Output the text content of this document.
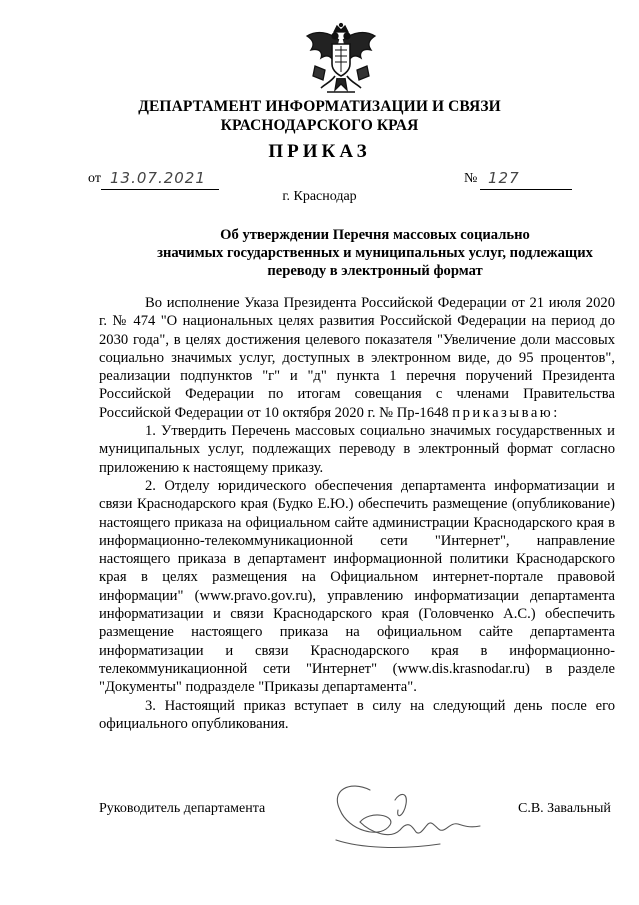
ДЕПАРТАМЕНТ ИНФОРМАТИЗАЦИИ И СВЯЗИ
КРАСНОДАРСКОГО КРАЯ
ПРИКАЗ
от 13.07.2021	№ 127
г. Краснодар
Об утверждении Перечня массовых социально
значимых государственных и муниципальных услуг, подлежащих
переводу в электронный формат

Во исполнение Указа Президента Российской Федерации от 21 июля 2020 г. № 474 "О национальных целях развития Российской Федерации на период до 2030 года", в целях достижения целевого показателя "Увеличение доли массовых социально значимых услуг, доступных в электронном виде, до 95 процентов", реализации подпунктов "г" и "д" пункта 1 перечня поручений Президента Российской Федерации по итогам совещания с членами Правительства Российской Федерации от 10 октября 2020 г. № Пр-1648 приказываю:

1. Утвердить Перечень массовых социально значимых государственных и муниципальных услуг, подлежащих переводу в электронный формат согласно приложению к настоящему приказу.

2. Отделу юридического обеспечения департамента информатизации и связи Краснодарского края (Будко Е.Ю.) обеспечить размещение (опубликование) настоящего приказа на официальном сайте администрации Краснодарского края в информационно-телекоммуникационной сети "Интернет", направление настоящего приказа в департамент информационной политики Краснодарского края в целях размещения на Официальном интернет-портале правовой информации" (www.pravo.gov.ru), управлению информатизации департамента информатизации и связи Краснодарского края (Головченко А.С.) обеспечить размещение настоящего приказа на официальном сайте департамента информатизации и связи Краснодарского края в информационно-телекоммуникационной сети "Интернет" (www.dis.krasnodar.ru) в разделе "Документы" подразделе "Приказы департамента".

3. Настоящий приказ вступает в силу на следующий день после его официального опубликования.

Руководитель департамента	С.В. Завальный
